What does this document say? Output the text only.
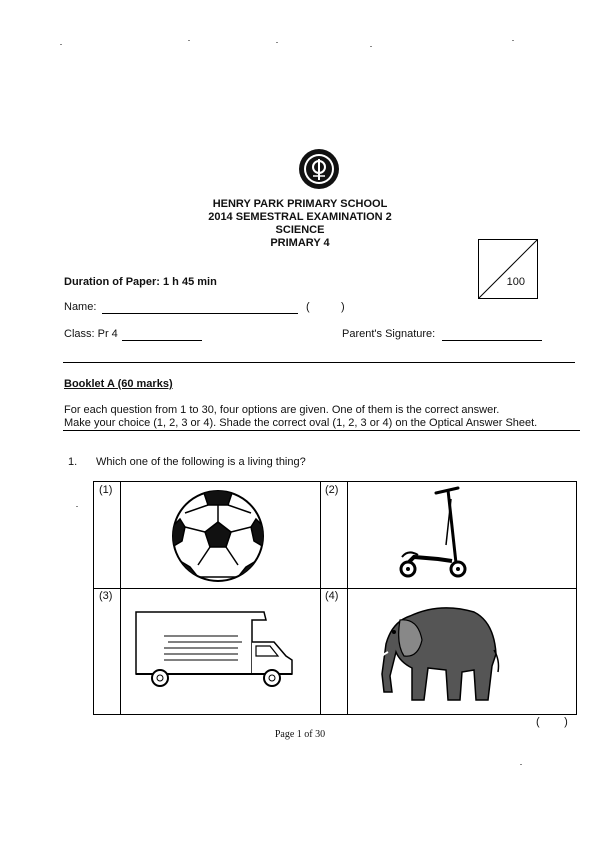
HENRY PARK PRIMARY SCHOOL
2014 SEMESTRAL EXAMINATION 2
SCIENCE
PRIMARY 4
100
Duration of Paper: 1 h 45 min
Name:	(	)
Class: Pr 4	Parent's Signature:
Booklet A (60 marks)
For each question from 1 to 30, four options are given. One of them is the correct answer.
Make your choice (1, 2, 3 or 4). Shade the correct oval (1, 2, 3 or 4) on the Optical Answer Sheet.
1. Which one of the following is a living thing?
(1)	(2)
(3)	(4)
(        )
Page 1 of 30
